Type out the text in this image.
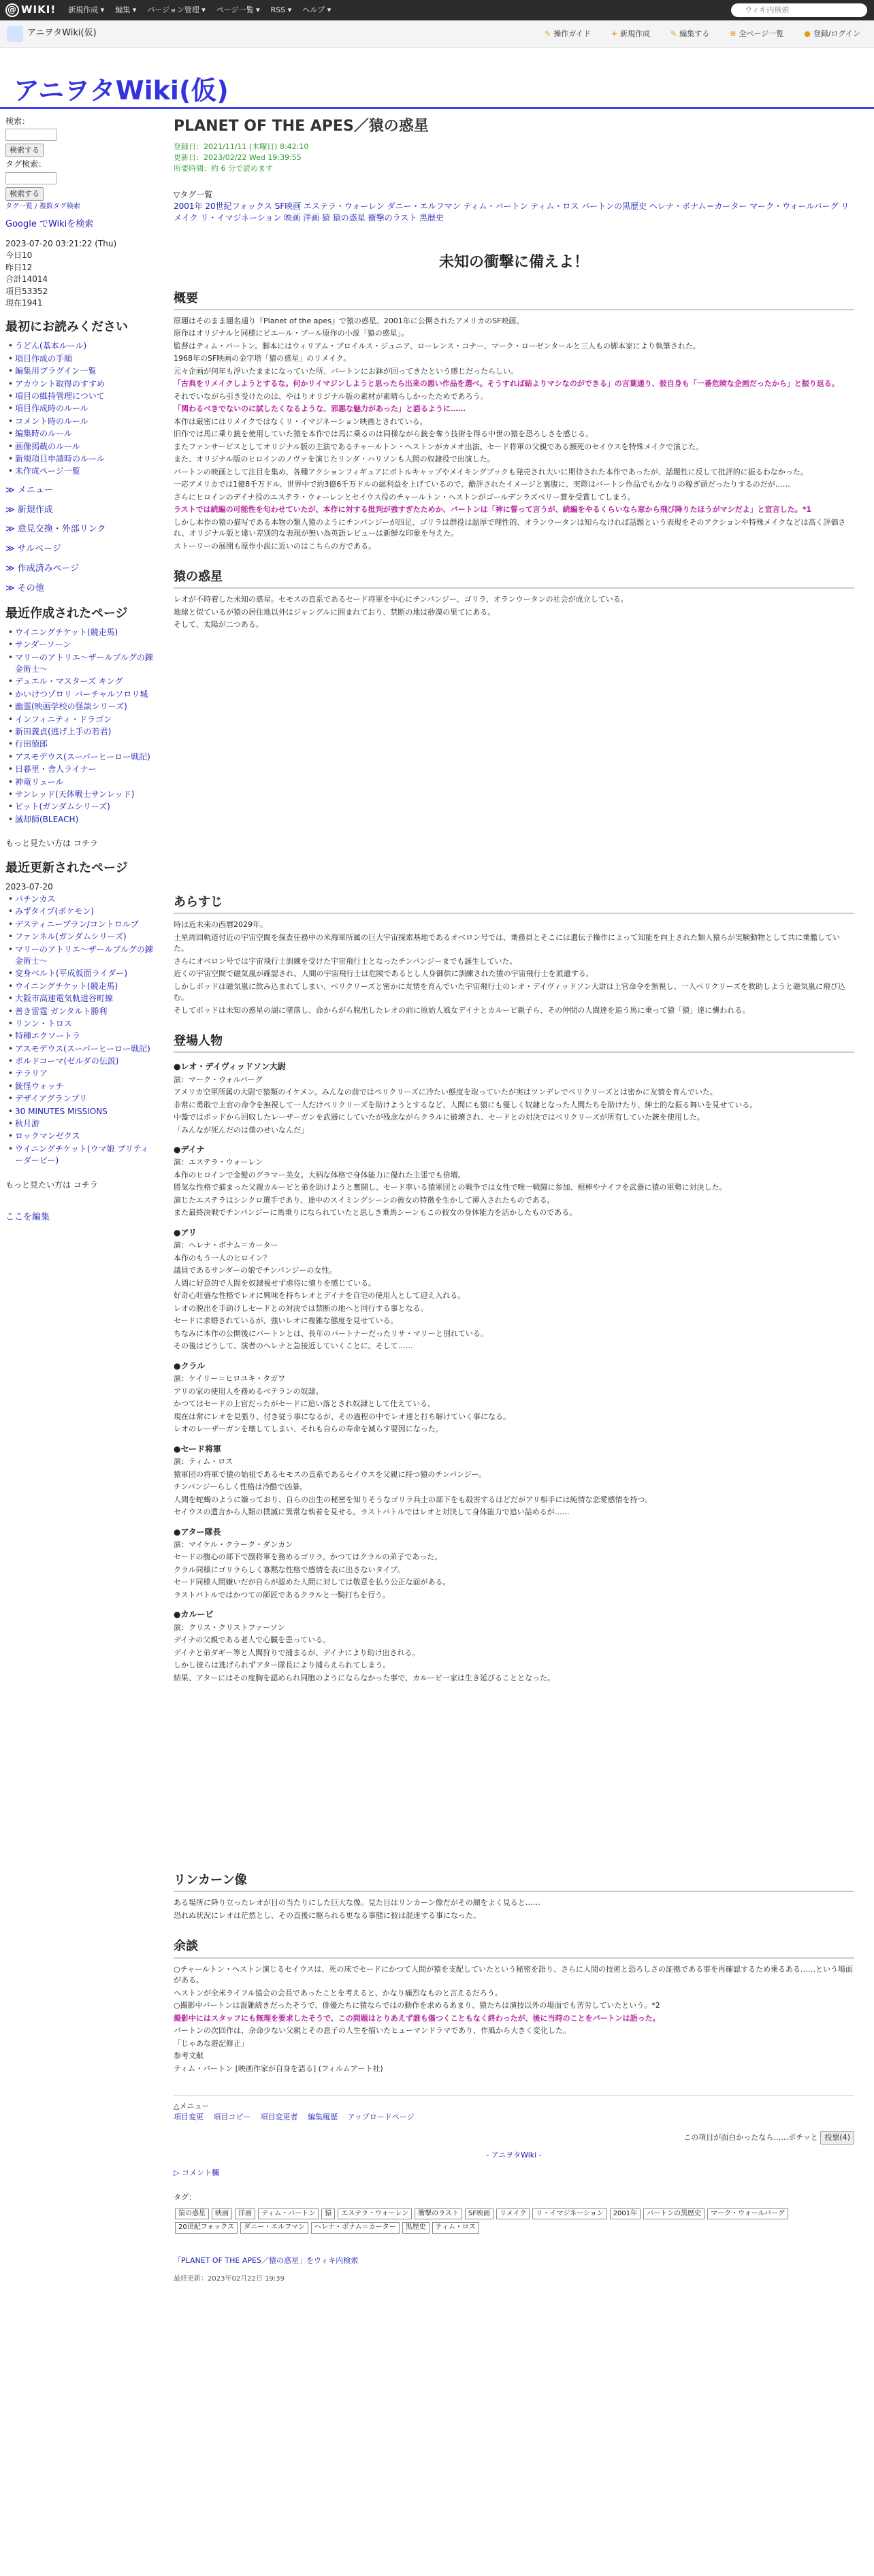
@ WIKI! 新規作成 ▾ 編集 ▾ バージョン管理 ▾ ページ一覧 ▾ RSS ▾ ヘルプ ▾	ウィキ内検索
アニヲタWiki(仮)	✎ 操作ガイド	+ 新規作成	✎ 編集する	≡ 全ページ一覧	● 登録/ログイン
アニヲタWiki(仮)
検索：
検索する
タグ検索：
検索する
タグ一覧 / 複数タグ検索
Google でWikiを検索
2023-07-20 03:21:22 (Thu)
今日10
昨日12
合計14014
項目53352
現在1941
最初にお読みください
• うどん(基本ルール)
• 項目作成の手順
• 編集用プラグイン一覧
• アカウント取得のすすめ
• 項目の維持管理について
• 項目作成時のルール
• コメント時のルール
• 編集時のルール
• 画像掲載のルール
• 新規項目申請時のルール
• 未作成ページ一覧
≫ メニュー
≫ 新規作成
≫ 意見交換・外部リンク
≫ サルベージ
≫ 作成済みページ
≫ その他
最近作成されたページ
• ウイニングチケット(競走馬)
• サンダーソーン
• マリーのアトリエ～ザールブルグの錬金術士～
• デュエル・マスターズ キング
• かいけつゾロリ バーチャルソロリ城
• 幽霊(映画学校の怪談シリーズ)
• インフィニティ・ドラゴン
• 新田義貞(逃げ上手の若君)
• 行田徳郎
• アスモデウス(スーパーヒーロー戦記)
• 日暮里・舎人ライナー
• 神竜リュール
• サンレッド(天体戦士サンレッド)
• ビット(ガンダムシリーズ)
• 滅却師(BLEACH)
もっと見たい方は コチラ
最近更新されたページ
2023-07-20
• パチンカス
• みずタイプ(ポケモン)
• デスティニープラン/コントロルブ
• ファンネル(ガンダムシリーズ)
• マリーのアトリエ～ザールブルグの錬金術士～
• 変身ベルト(平成仮面ライダー)
• ウイニングチケット(競走馬)
• 大阪市高速電気軌道谷町線
• 善き雷霆 ガンタルト勝利
• リンン・トロス
• 特種エクソートラ
• アスモデウス(スーパーヒーロー戦記)
• ポルドコーマ(ゼルダの伝説)
• テラリア
• 銃怪ウォッチ
• デザイアグランプリ
• 30 MINUTES MISSIONS
• 秋月游
• ロックマンゼクス
• ウイニングチケット(ウマ娘 プリティーダービー)
もっと見たい方は コチラ
ここを編集
PLANET OF THE APES／猿の惑星
登録日：2021/11/11 (木曜日) 8:42:10
更新日：2023/02/22 Wed 19:39:55
所要時間：約 6 分で読めます
▽タグ一覧
2001年 20世紀フォックス SF映画 エステラ・ウォーレン ダニー・エルフマン ティム・バートン ティム・ロス バートンの黒歴史 ヘレナ・ボナム＝カーター マーク・ウォールバーグ リメイク リ・イマジネーション 映画 洋画 猿 猿の惑星 衝撃のラスト 黒歴史
未知の衝撃に備えよ！
概要

原題はそのまま題名通り『Planet of the apes』で猿の惑星。2001年に公開されたアメリカのSF映画。

原作はオリジナルと同様にピエール・ブール原作の小説「猿の惑星」。

監督はティム・バートン。脚本にはウィリアム・ブロイルス・ジュニア、ローレンス・コナー、マーク・ローゼンタールと三人もの脚本家により執筆された。

1968年のSF映画の金字塔「猿の惑星」のリメイク。

元々企画が何年も浮いたままになっていた所、バートンにお鉢が回ってきたという感じだったらしい。

「古典をリメイクしようとするな。何かリイマジンしようと思ったら出来の悪い作品を選べ。そうすれば結よりマシなのができる」の言葉通り、彼自身も「一番危険な企画だったから」と振り返る。

それでいながら引き受けたのは、やはりオリジナル版の素材が素晴らしかったためであろう。

「関わるべきでないのに試したくなるような、邪悪な魅力があった」と語るように……

本作は厳密にはリメイクではなくリ・イマジネーション映画とされている。

旧作では馬に乗り銃を使用していた猿を本作では馬に乗るのは同様ながら銃を奪う技術を得る中世の猿を恐ろしさを感じる。

またファンサービスとしてオリジナル版の主演であるチャールトン・ヘストンがカメオ出演。セード将軍の父親である瀕死のセイウスを特殊メイクで演じた。

また、オリジナル版のヒロインのノヴァを演じたリンダ・ハリソンも人間の奴隷役で出演した。

バートンの映画として注目を集め、各種アクションフィギュアにボトルキャップやメイキングブックも発売され大いに期待された本作であったが、話題性に反して批評的に振るわなかった。

一応アメリカでは1億8千万ドル、世界中で約3億6千万ドルの総利益を上げているので、酷評されたイメージと裏腹に、実際はバートン作品でもかなりの稼ぎ頭だったりするのだが……

さらにヒロインのデイナ役のエステラ・ウォーレンとセイウス役のチャールトン・ヘストンがゴールデンラズベリー賞を受賞してしまう。

ラストでは続編の可能性を匂わせていたが、本作に対する批判が強すぎたためか、バートンは「神に誓って言うが、続編をやるくらいなら窓から飛び降りたほうがマシだよ」と宣言した。*1

しかし本作の猿の描写である本物の類人猿のようにチンパンジーが四足、ゴリラは群役は温厚で理性的、オランウータンは知らなければ話題という表現をそのアクションや特殊メイクなどは高く評価され、オリジナル版と違い差別的な表現が無い為英語レビューは新鮮な印象を与えた。

ストーリーの展開も原作小説に近いのはこちらの方である。

猿の惑星

レオが不時着した未知の惑星。セモスの直系であるセード将軍を中心にチンパンジー、ゴリラ、オランウータンの社会が成立している。

地球と似ているが猿の居住地以外はジャングルに囲まれており、禁断の地は砂漠の果てにある。

そして、太陽が二つある。

あらすじ

時は近未来の西暦2029年。

土星周回軌道付近の宇宙空間を探査任務中の米海軍所属の巨大宇宙探索基地であるオベロン号では、乗務員とそこには遺伝子操作によって知能を向上された類人猿らが実験動物として共に乗艦していた。

さらにオベロン号では宇宙飛行士訓練を受けた宇宙飛行士となったチンパンジーまでも誕生していた。

近くの宇宙空間で磁気嵐が確認され、人間の宇宙飛行士は危険であるとし人身御供に訓練された猿の宇宙飛行士を派遣する。

しかしポッドは磁気嵐に飲み込まれてしまい、ペリクリーズと密かに友情を育んでいた宇宙飛行士のレオ・デイヴィッドソン大尉は上官命令を無視し、一人ペリクリーズを救助しようと磁気嵐に飛び込む。

そしてポッドは未知の惑星の湖に墜落し、命からがら脱出したレオの前に原始人風女デイナとカルービ親子ら、その仲間の人間達を追う馬に乗って猿「猿」達に襲われる。

登場人物
●レオ・デイヴィッドソン大尉

演：マーク・ウォルバーグ

アメリカ空軍所属の大尉で猿類のイケメン。みんなの前ではペリクリーズに冷たい態度を取っていたが実はツンデレでペリクリーズとは密かに友情を育んでいた。

非常に勇敢で上官の命令を無視して一人だけペリクリーズを助けようとするなど、人間にも猿にも優しく奴隷となった人間たちを助けたり、紳士的な振る舞いを見せている。

中盤ではポッドから回収したレーザーガンを武器にしていたが残念ながらクラルに破壊され、セードとの対決ではペリクリーズが所有していた銃を使用した。

「みんなが死んだのは僕のせいなんだ」

●デイナ

演：エステラ・ウォーレン

本作のヒロインで金髪のグラマー美女。大柄な体格で身体能力に優れた主張でも倍増。

勝気な性格で捕まった父親カルービと弟を助けようと奮闘し、セード率いる猿軍団との戦争では女性で唯一戦闘に参加、棍棒やナイフを武器に猿の軍勢に対決した。

演じたエステラはシンクロ選手であり、途中のスイミングシーンの彼女の特徴を生かして挿入されたものである。

また最終決戦でチンパンジーに馬乗りになられていたと思しき乗馬シーンもこの彼女の身体能力を活かしたものである。

●アリ

演：ヘレナ・ボナム＝カーター

本作のもう一人のヒロイン？

議員であるサンダーの娘でチンパンジーの女性。

人間に好意的で人間を奴隷視せず虐待に憤りを感じている。

好奇心旺盛な性格でレオに興味を持ちレオとデイナを自宅の使用人として迎え入れる。

レオの脱出を手助けしセードとの対決では禁断の地へと同行する事となる。

セードに求婚されているが、強いレオに複雑な態度を見せている。

ちなみに本作の公開後にバートンとは、長年のパートナーだったリサ・マリーと別れている。

その後はどうして、演者のヘレナと急接近していくことに。そして……

●クラル

演：ケイリー＝ヒロユキ・タガワ

アリの家の使用人を務めるベテランの奴隷。

かつてはセードの上官だったがセードに追い落とされ奴隷として仕えている。

現在は常にレオを見張り、付き従う事になるが、その過程の中でレオ達と打ち解けていく事になる。

レオのレーザーガンを壊してしまい、それも自らの寿命を減らす要因になった。

●セード将軍

演：ティム・ロス

猿軍団の将軍で猿の始祖であるセモスの直系であるセイウスを父親に持つ猿のチンパンジー。

チンパンジーらしく性格は冷酷で凶暴。

人間を蛇蝎のように嫌っており、自らの出生の秘密を知りそうなゴリラ兵士の部下をも殺害するほどだがアリ相手には純情な恋愛感情を持つ。

セイウスの遺言から人類の撲滅に異常な執着を見せる。ラストバトルではレオと対決して身体能力で追い詰めるが……

●アター隊長

演：マイケル・クラーク・ダンカン

セードの腹心の部下で副将軍を務めるゴリラ。かつてはクラルの弟子であった。

クラル同様にゴリラらしく寡黙な性格で感情を表に出さないタイプ。

セード同様人間嫌いだが自らが認めた人間に対しては敬意を払う公正な面がある。

ラストバトルではかつての師匠であるクラルと一騎打ちを行う。

●カルービ

演：クリス・クリストファーソン

デイナの父親である老人で心臓を患っている。

デイナと弟ダギー等と人間狩りで捕まるが、デイナにより助け出される。

しかし彼らは逃げられずアター隊長により捕らえられてしまう。

結果、アターにはその度胸を認められ同胞のようにならなかった事で、カルービ一家は生き延びることとなった。

リンカーン像

ある場所に降り立ったレオが目の当たりにした巨大な像。見た目はリンカーン像だがその顔をよく見ると……

恐れぬ状況にレオは茫然とし、その直後に駆られる更なる事態に彼は混迷する事になった。

余談

○チャールトン・ヘストン演じるセイウスは、死の床でセードにかつて人間が猿を支配していたという秘密を語り、さらに人間の技術と恐ろしさの証拠である事を再確認するため乗るある……という場面がある。

ヘストンが全米ライフル協会の会長であったことを考えると、かなり痛烈なものと言えるだろう。

○撮影中バートンは混雑続きだったそうで、俳優たちに猿ならではの動作を求めるあまり、猿たちは演技以外の場面でも苦労していたという。*2

撮影中にはスタッフにも無理を要求したそうで、この問題はとりあえず誰も傷つくこともなく終わったが、後に当時のことをバートンは語った。

バートンの次回作は、余命少ない父親とその息子の人生を描いたヒューマンドラマであり、作風から大きく変化した。

「じゃあな遊記修正」

参考文献

ティム・バートン [映画作家が自身を語る] (フィルムアート社)

△メニュー
項目変更　 項目コピー　 項目変更者　 編集履歴　 アップロードページ
この項目が面白かったなら……ポチッと 投票(4)
- アニヲタWiki -
▷ コメント欄
タグ：
猿の惑星	映画	洋画	ティム・バートン	猿	エステラ・ウォーレン	衝撃のラスト	SF映画	リメイク	リ・イマジネーション	2001年	バートンの黒歴史	マーク・ウォールバーグ
20世紀フォックス	ダニー・エルフマン	ヘレナ・ボナム＝カーター	黒歴史	ティム・ロス
「PLANET OF THE APES／猿の惑星」をウィキ内検索
最終更新：2023年02月22日 19:39
